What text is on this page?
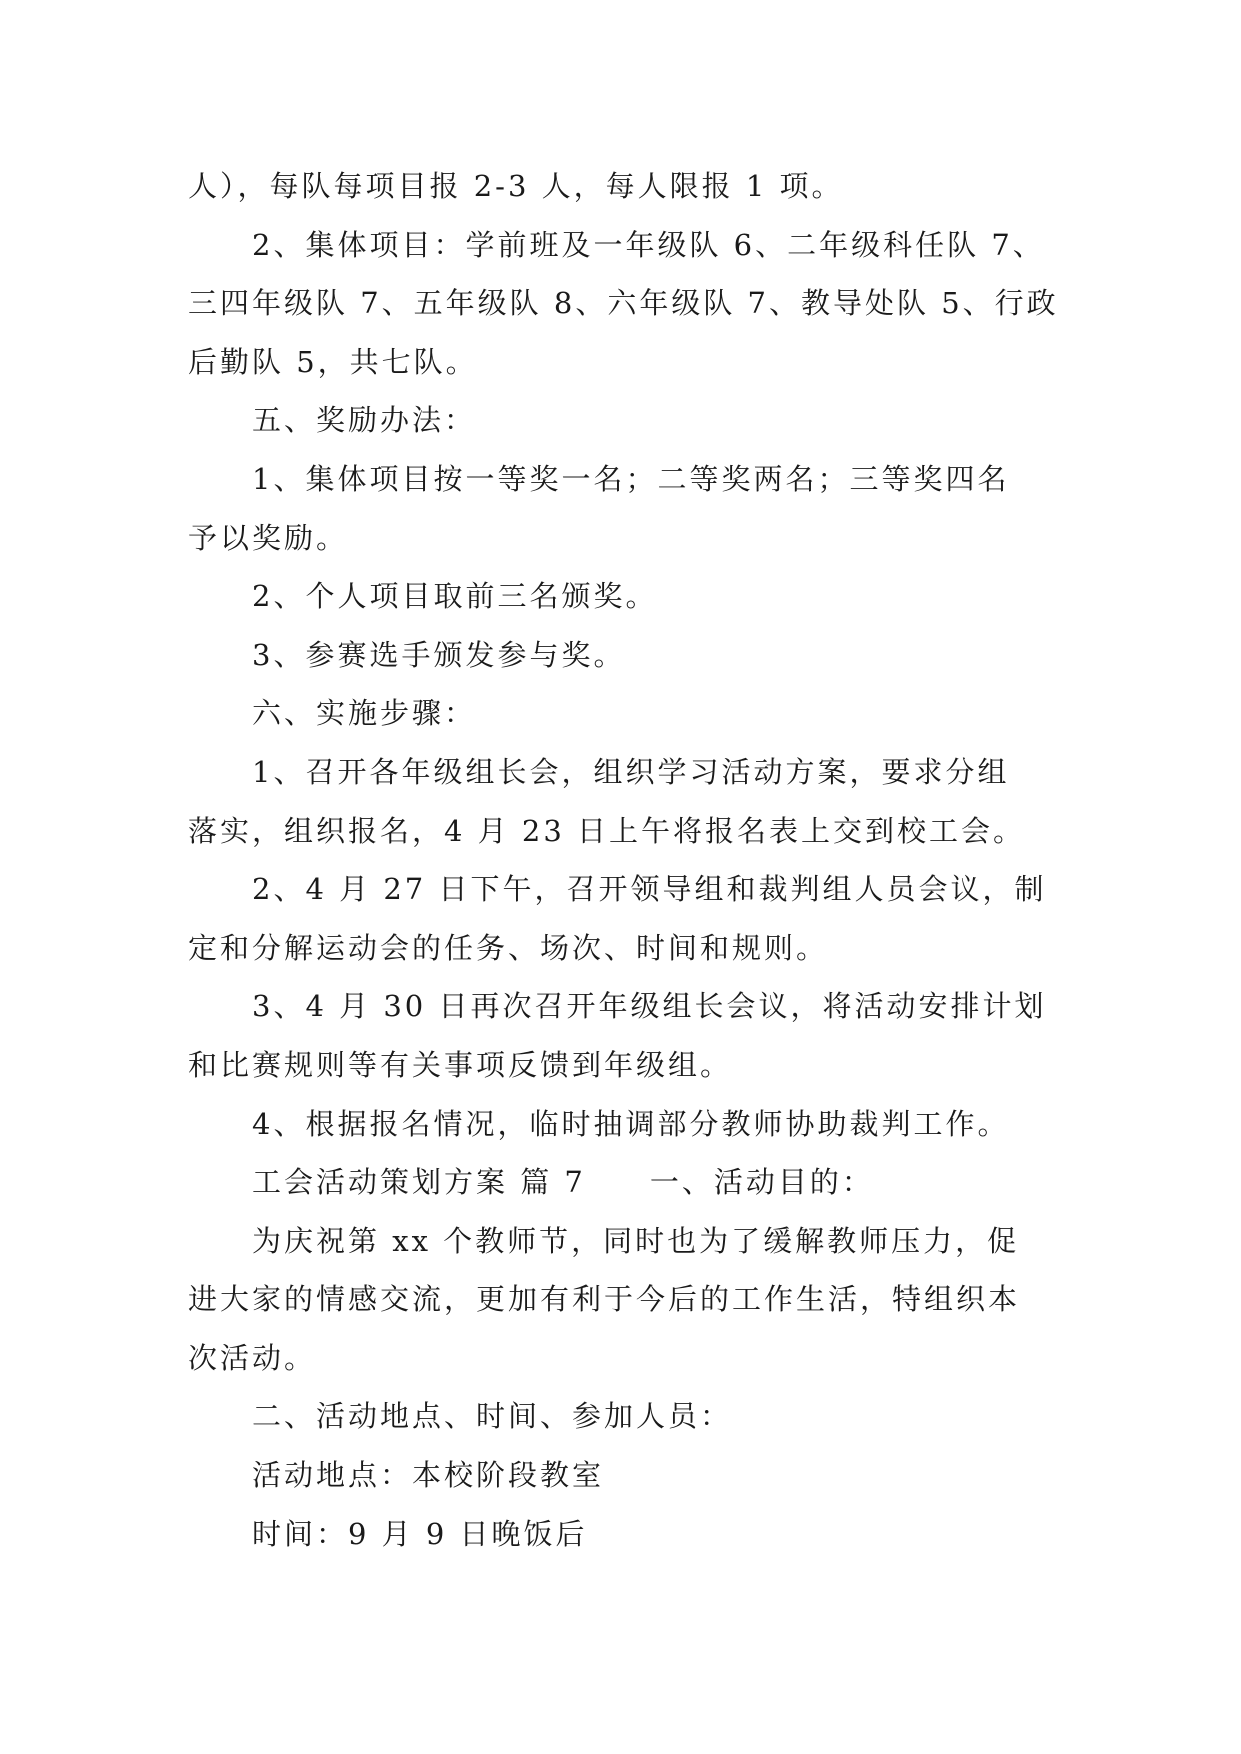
人），每队每项目报 2-3 人，每人限报 1 项。
2、集体项目：学前班及一年级队 6、二年级科任队 7、
三四年级队 7、五年级队 8、六年级队 7、教导处队 5、行政
后勤队 5，共七队。
五、奖励办法：
1、集体项目按一等奖一名；二等奖两名；三等奖四名
予以奖励。
2、个人项目取前三名颁奖。
3、参赛选手颁发参与奖。
六、实施步骤：
1、召开各年级组长会，组织学习活动方案，要求分组
落实，组织报名，4 月 23 日上午将报名表上交到校工会。
2、4 月 27 日下午，召开领导组和裁判组人员会议，制
定和分解运动会的任务、场次、时间和规则。
3、4 月 30 日再次召开年级组长会议，将活动安排计划
和比赛规则等有关事项反馈到年级组。
4、根据报名情况，临时抽调部分教师协助裁判工作。
工会活动策划方案 篇 7 一、活动目的：
为庆祝第 xx 个教师节，同时也为了缓解教师压力，促
进大家的情感交流，更加有利于今后的工作生活，特组织本
次活动。
二、活动地点、时间、参加人员：
活动地点：本校阶段教室
时间：9 月 9 日晚饭后
